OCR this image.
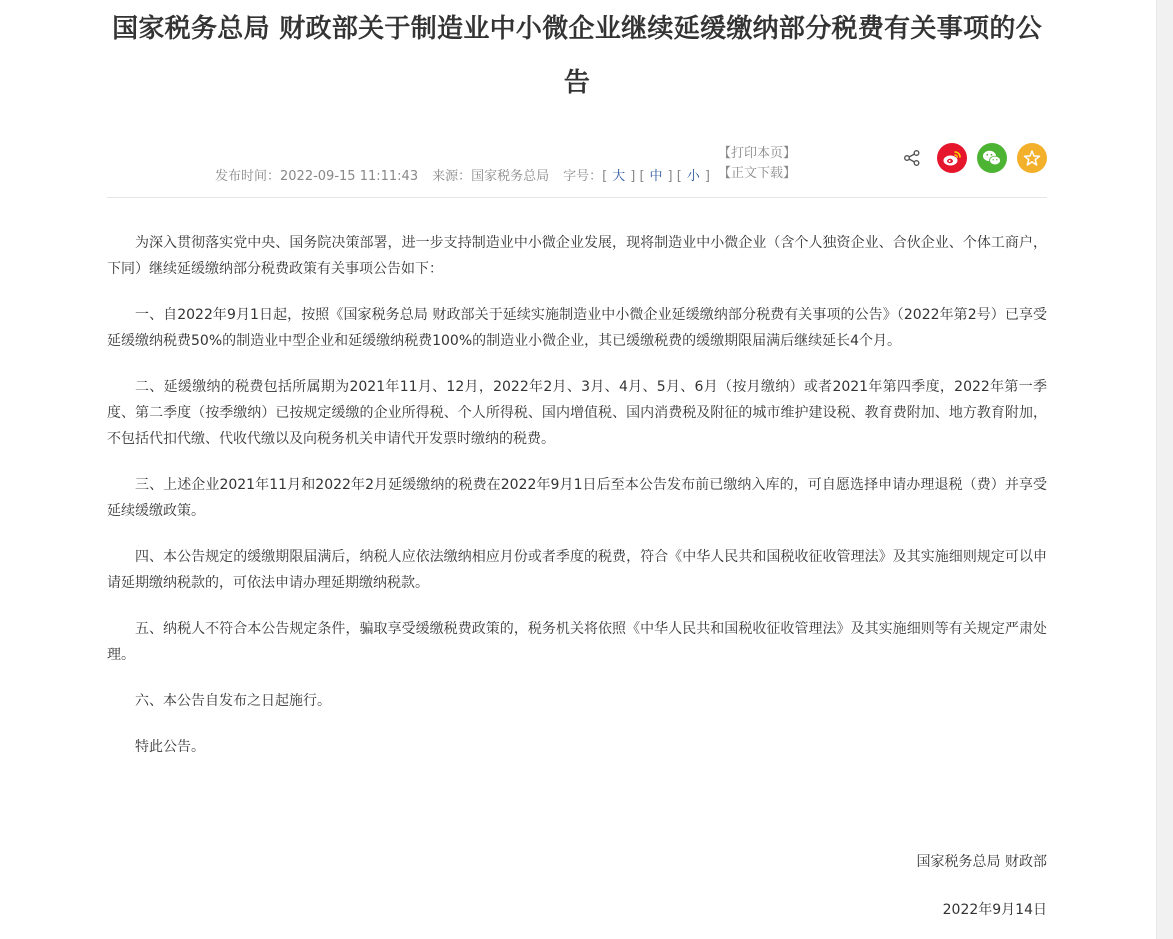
国家税务总局 财政部关于制造业中小微企业继续延缓缴纳部分税费有关事项的公告
发布时间：2022-09-15 11:11:43 来源：国家税务总局 字号：[ 大 ] [ 中 ] [ 小 ]
【打印本页】
【正文下载】

为深入贯彻落实党中央、国务院决策部署，进一步支持制造业中小微企业发展，现将制造业中小微企业（含个人独资企业、合伙企业、个体工商户，下同）继续延缓缴纳部分税费政策有关事项公告如下：

一、自2022年9月1日起，按照《国家税务总局 财政部关于延续实施制造业中小微企业延缓缴纳部分税费有关事项的公告》（2022年第2号）已享受延缓缴纳税费50%的制造业中型企业和延缓缴纳税费100%的制造业小微企业，其已缓缴税费的缓缴期限届满后继续延长4个月。

二、延缓缴纳的税费包括所属期为2021年11月、12月，2022年2月、3月、4月、5月、6月（按月缴纳）或者2021年第四季度，2022年第一季度、第二季度（按季缴纳）已按规定缓缴的企业所得税、个人所得税、国内增值税、国内消费税及附征的城市维护建设税、教育费附加、地方教育附加，不包括代扣代缴、代收代缴以及向税务机关申请代开发票时缴纳的税费。

三、上述企业2021年11月和2022年2月延缓缴纳的税费在2022年9月1日后至本公告发布前已缴纳入库的，可自愿选择申请办理退税（费）并享受延续缓缴政策。

四、本公告规定的缓缴期限届满后，纳税人应依法缴纳相应月份或者季度的税费，符合《中华人民共和国税收征收管理法》及其实施细则规定可以申请延期缴纳税款的，可依法申请办理延期缴纳税款。

五、纳税人不符合本公告规定条件，骗取享受缓缴税费政策的，税务机关将依照《中华人民共和国税收征收管理法》及其实施细则等有关规定严肃处理。

六、本公告自发布之日起施行。

特此公告。

国家税务总局 财政部
2022年9月14日
